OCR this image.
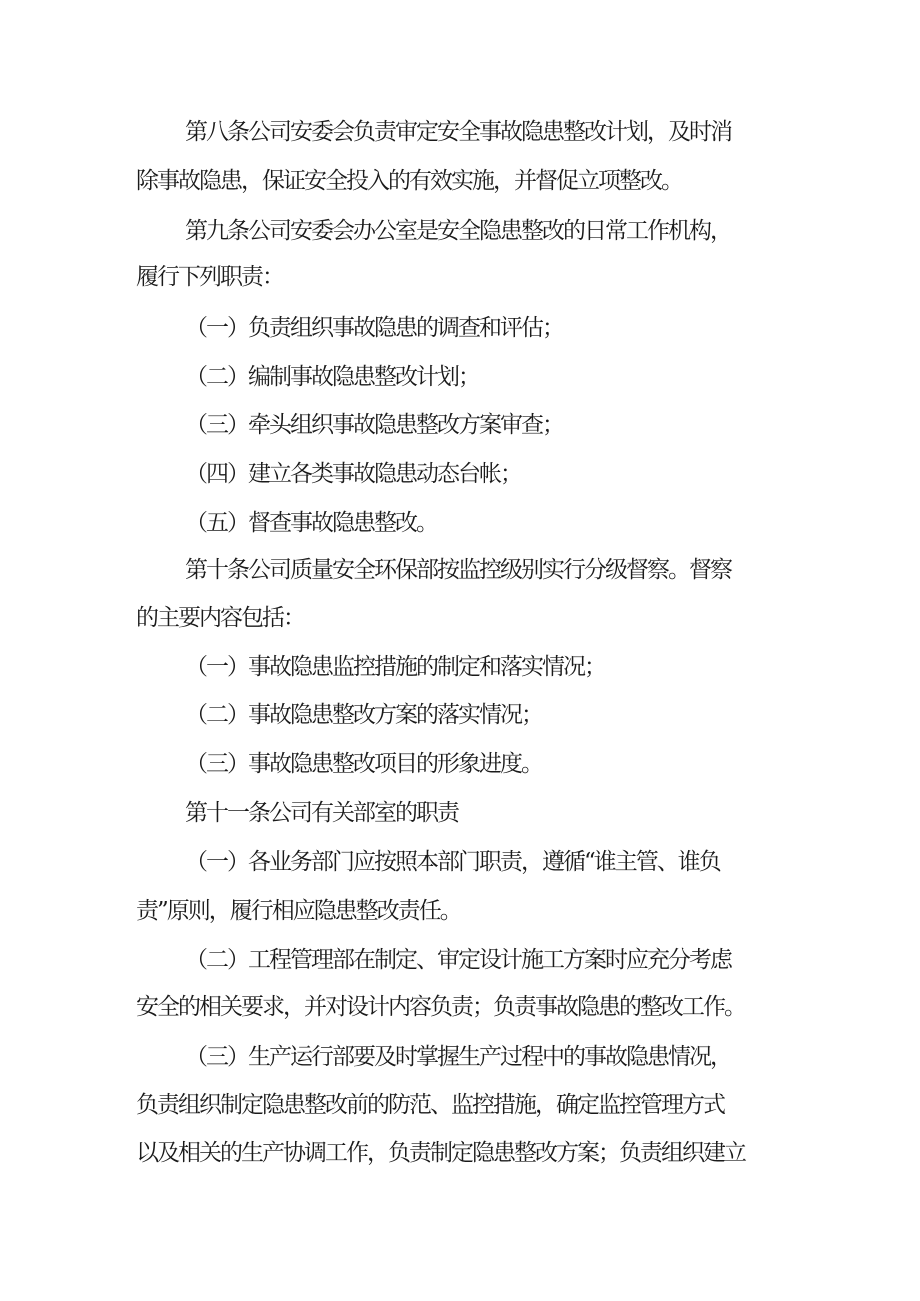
第八条公司安委会负责审定安全事故隐患整改计划，及时消
除事故隐患，保证安全投入的有效实施，并督促立项整改。
第九条公司安委会办公室是安全隐患整改的日常工作机构，
履行下列职责：
（一）负责组织事故隐患的调查和评估；
（二）编制事故隐患整改计划；
（三）牵头组织事故隐患整改方案审查；
（四）建立各类事故隐患动态台帐；
（五）督查事故隐患整改。
第十条公司质量安全环保部按监控级别实行分级督察。督察
的主要内容包括：
（一）事故隐患监控措施的制定和落实情况；
（二）事故隐患整改方案的落实情况；
（三）事故隐患整改项目的形象进度。
第十一条公司有关部室的职责
（一）各业务部门应按照本部门职责，遵循“谁主管、谁负
责”原则，履行相应隐患整改责任。
（二）工程管理部在制定、审定设计施工方案时应充分考虑
安全的相关要求，并对设计内容负责；负责事故隐患的整改工作。
（三）生产运行部要及时掌握生产过程中的事故隐患情况，
负责组织制定隐患整改前的防范、监控措施，确定监控管理方式
以及相关的生产协调工作，负责制定隐患整改方案；负责组织建立
